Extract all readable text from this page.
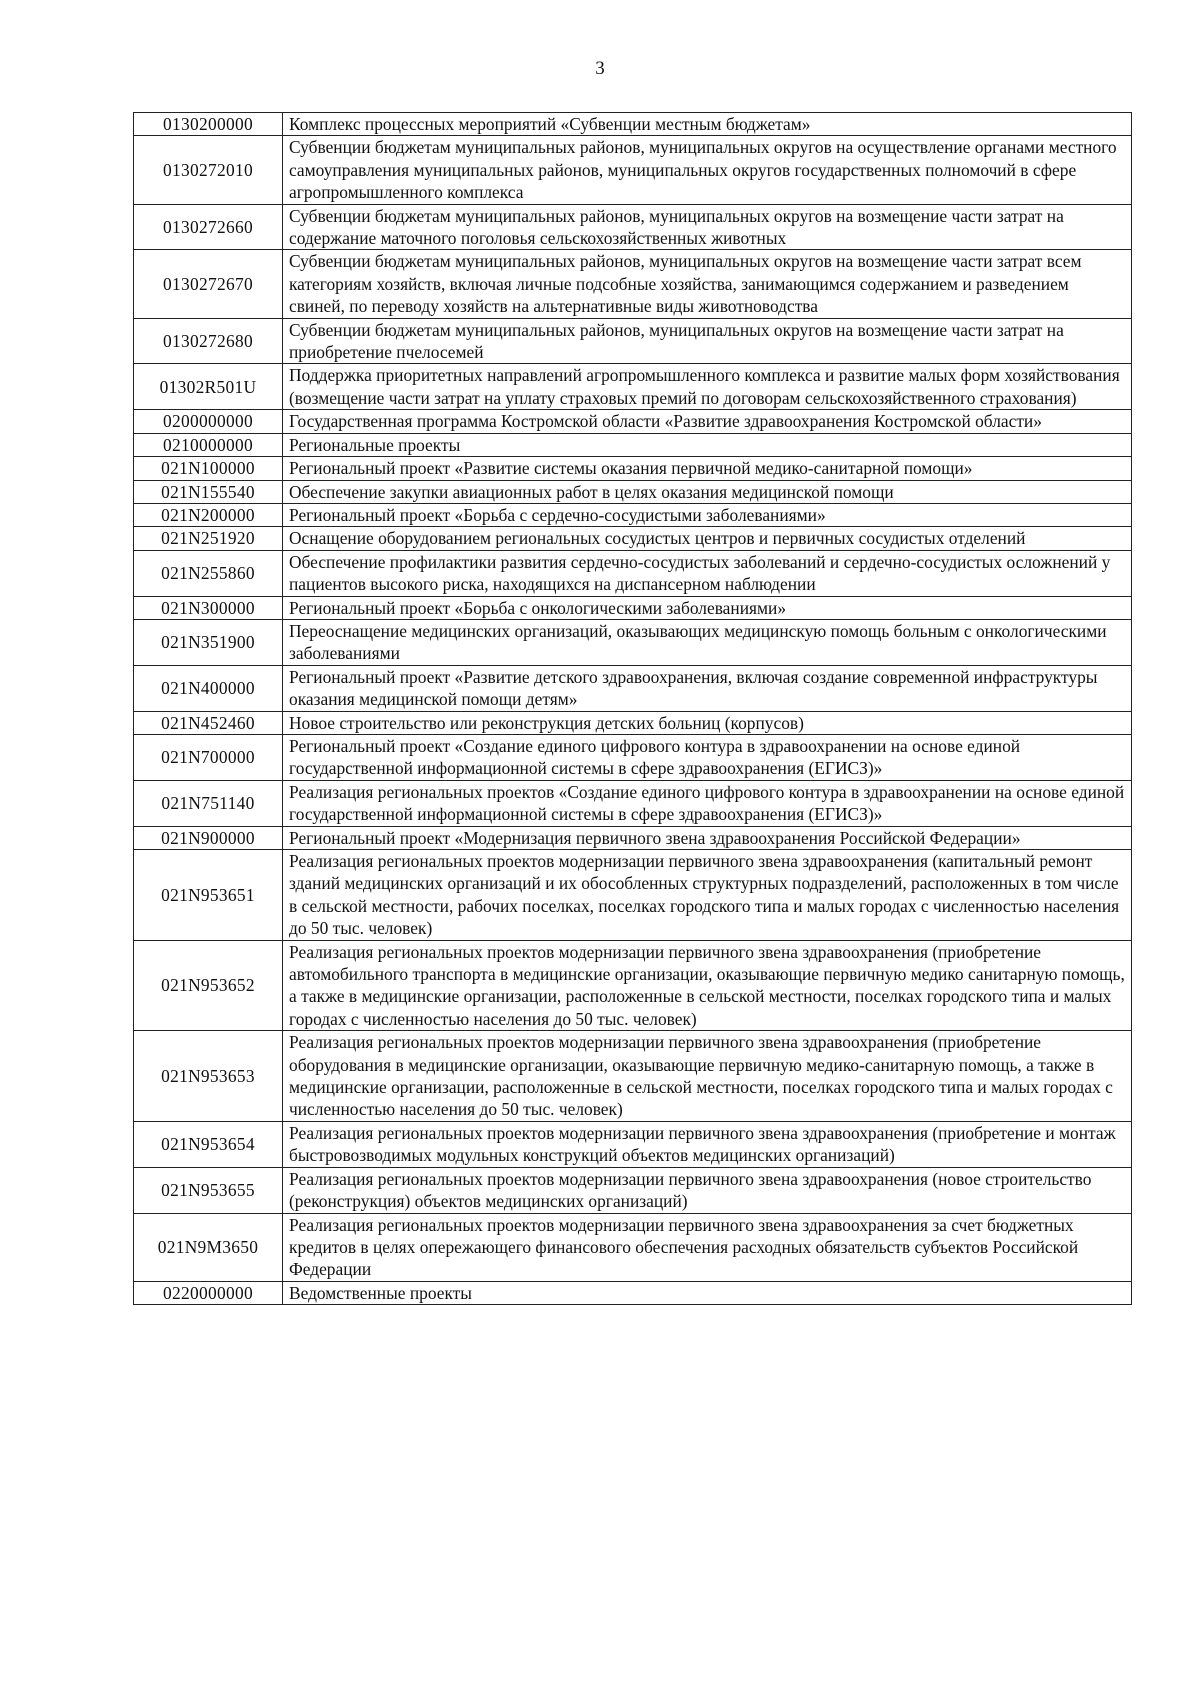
3
0130200000	Комплекс процессных мероприятий «Субвенции местным бюджетам»
0130272010	Субвенции бюджетам муниципальных районов, муниципальных округов на осуществление органами местного самоуправления муниципальных районов, муниципальных округов государственных полномочий в сфере агропромышленного комплекса
0130272660	Субвенции бюджетам муниципальных районов, муниципальных округов на возмещение части затрат на содержание маточного поголовья сельскохозяйственных животных
0130272670	Субвенции бюджетам муниципальных районов, муниципальных округов на возмещение части затрат всем категориям хозяйств, включая личные подсобные хозяйства, занимающимся содержанием и разведением свиней, по переводу хозяйств на альтернативные виды животноводства
0130272680	Субвенции бюджетам муниципальных районов, муниципальных округов на возмещение части затрат на приобретение пчелосемей
01302R501U	Поддержка приоритетных направлений агропромышленного комплекса и развитие малых форм хозяйствования (возмещение части затрат на уплату страховых премий по договорам сельскохозяйственного страхования)
0200000000	Государственная программа Костромской области «Развитие здравоохранения Костромской области»
0210000000	Региональные проекты
021N100000	Региональный проект «Развитие системы оказания первичной медико-санитарной помощи»
021N155540	Обеспечение закупки авиационных работ в целях оказания медицинской помощи
021N200000	Региональный проект «Борьба с сердечно-сосудистыми заболеваниями»
021N251920	Оснащение оборудованием региональных сосудистых центров и первичных сосудистых отделений
021N255860	Обеспечение профилактики развития сердечно-сосудистых заболеваний и сердечно-сосудистых осложнений у пациентов высокого риска, находящихся на диспансерном наблюдении
021N300000	Региональный проект «Борьба с онкологическими заболеваниями»
021N351900	Переоснащение медицинских организаций, оказывающих медицинскую помощь больным с онкологическими заболеваниями
021N400000	Региональный проект «Развитие детского здравоохранения, включая создание современной инфраструктуры оказания медицинской помощи детям»
021N452460	Новое строительство или реконструкция детских больниц (корпусов)
021N700000	Региональный проект «Создание единого цифрового контура в здравоохранении на основе единой государственной информационной системы в сфере здравоохранения (ЕГИСЗ)»
021N751140	Реализация региональных проектов «Создание единого цифрового контура в здравоохранении на основе единой государственной информационной системы в сфере здравоохранения (ЕГИСЗ)»
021N900000	Региональный проект «Модернизация первичного звена здравоохранения Российской Федерации»
021N953651	Реализация региональных проектов модернизации первичного звена здравоохранения (капитальный ремонт зданий медицинских организаций и их обособленных структурных подразделений, расположенных в том числе в сельской местности, рабочих поселках, поселках городского типа и малых городах с численностью населения до 50 тыс. человек)
021N953652	Реализация региональных проектов модернизации первичного звена здравоохранения (приобретение автомобильного транспорта в медицинские организации, оказывающие первичную медико санитарную помощь, а также в медицинские организации, расположенные в сельской местности, поселках городского типа и малых городах с численностью населения до 50 тыс. человек)
021N953653	Реализация региональных проектов модернизации первичного звена здравоохранения (приобретение оборудования в медицинские организации, оказывающие первичную медико-санитарную помощь, а также в медицинские организации, расположенные в сельской местности, поселках городского типа и малых городах с численностью населения до 50 тыс. человек)
021N953654	Реализация региональных проектов модернизации первичного звена здравоохранения (приобретение и монтаж быстровозводимых модульных конструкций объектов медицинских организаций)
021N953655	Реализация региональных проектов модернизации первичного звена здравоохранения (новое строительство (реконструкция) объектов медицинских организаций)
021N9M3650	Реализация региональных проектов модернизации первичного звена здравоохранения за счет бюджетных кредитов в целях опережающего финансового обеспечения расходных обязательств субъектов Российской Федерации
0220000000	Ведомственные проекты
